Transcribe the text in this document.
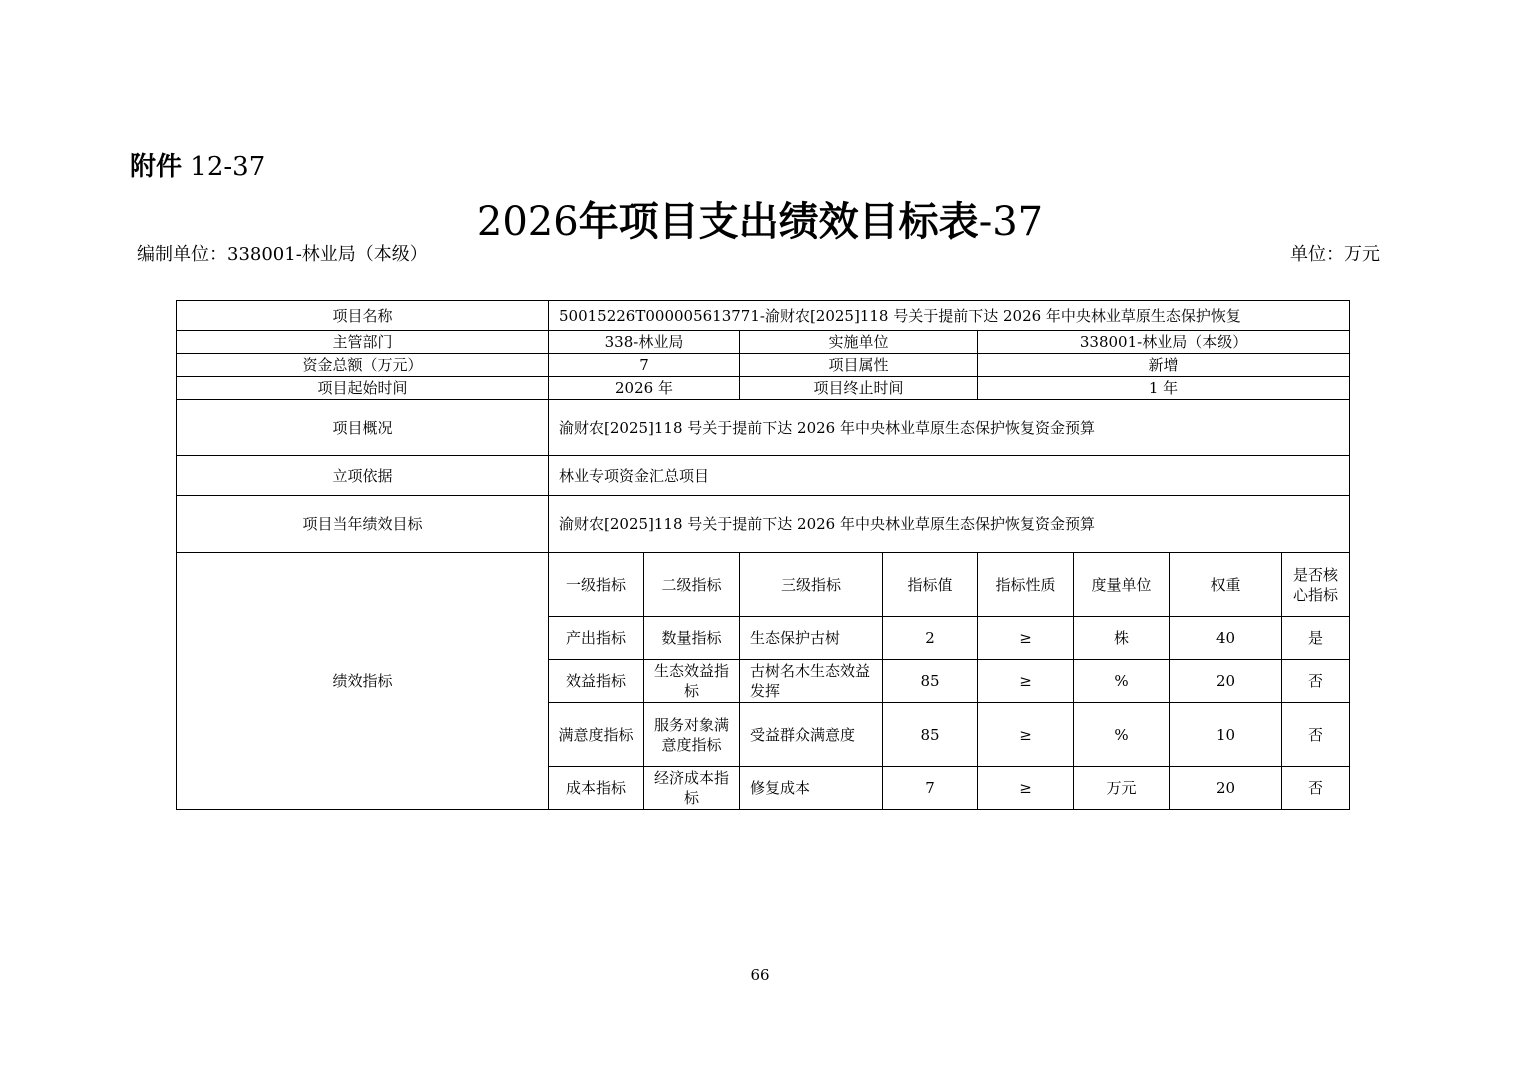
附件 12-37
2026年项目支出绩效目标表-37
编制单位：338001-林业局（本级）	单位：万元
项目名称	50015226T000005613771-渝财农[2025]118 号关于提前下达 2026 年中央林业草原生态保护恢复							
主管部门	338-林业局		实施单位		338001-林业局（本级）			
资金总额（万元）	7		项目属性		新增			
项目起始时间	2026 年		项目终止时间		1 年			
项目概况	渝财农[2025]118 号关于提前下达 2026 年中央林业草原生态保护恢复资金预算							
立项依据	林业专项资金汇总项目							
项目当年绩效目标	渝财农[2025]118 号关于提前下达 2026 年中央林业草原生态保护恢复资金预算							
绩效指标	一级指标	二级指标	三级指标	指标值	指标性质	度量单位	权重	是否核心指标
	产出指标	数量指标	生态保护古树	2	≥	株	40	是
	效益指标	生态效益指标	古树名木生态效益发挥	85	≥	%	20	否
	满意度指标	服务对象满意度指标	受益群众满意度	85	≥	%	10	否
	成本指标	经济成本指标	修复成本	7	≥	万元	20	否
66
